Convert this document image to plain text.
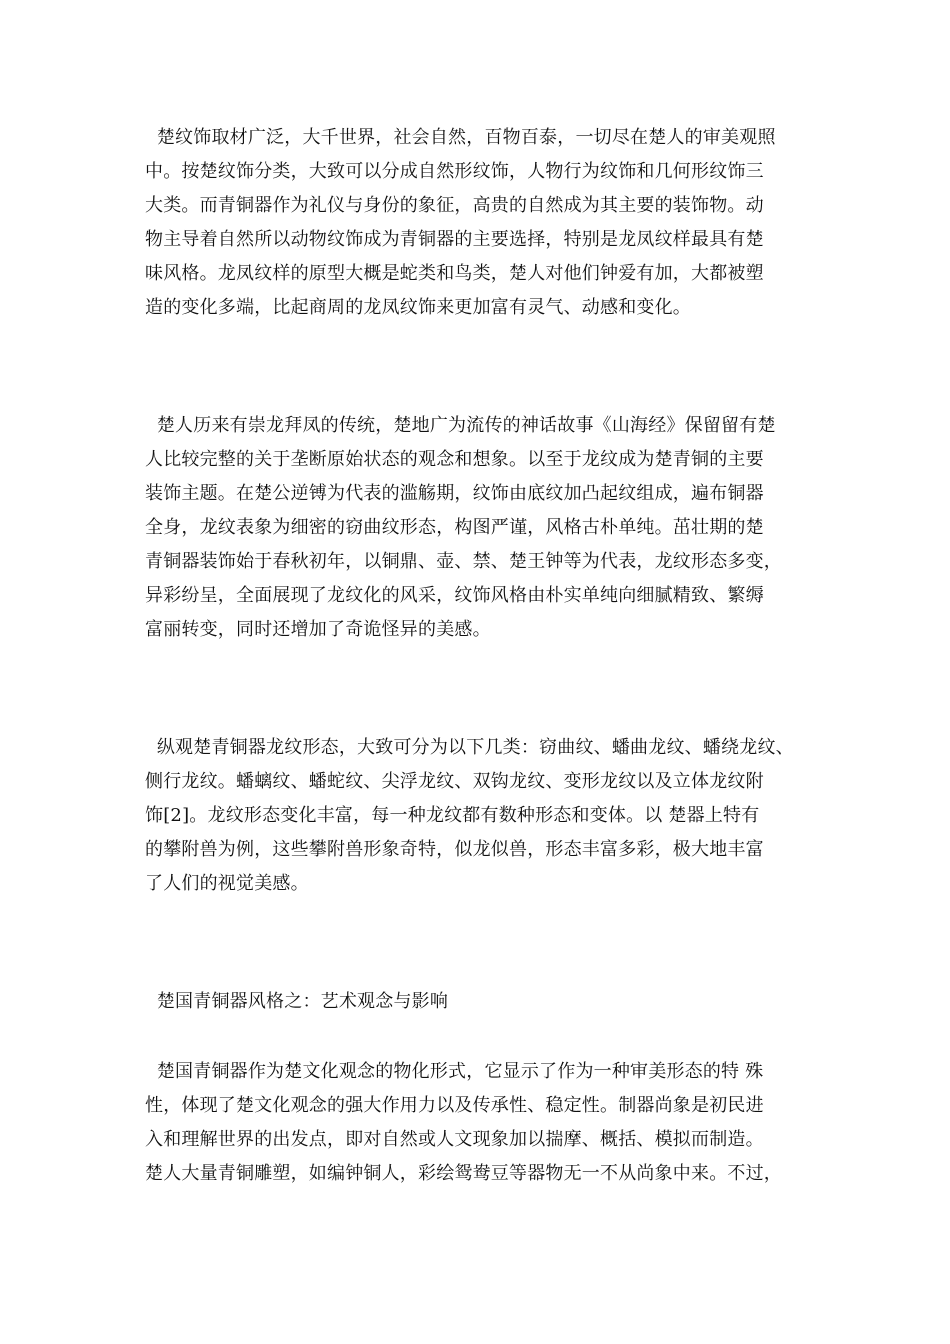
楚纹饰取材广泛，大千世界，社会自然，百物百泰，一切尽在楚人的审美观照
中。按楚纹饰分类，大致可以分成自然形纹饰，人物行为纹饰和几何形纹饰三
大类。而青铜器作为礼仪与身份的象征，高贵的自然成为其主要的装饰物。动
物主导着自然所以动物纹饰成为青铜器的主要选择，特别是龙凤纹样最具有楚
味风格。龙凤纹样的原型大概是蛇类和鸟类，楚人对他们钟爱有加，大都被塑
造的变化多端，比起商周的龙凤纹饰来更加富有灵气、动感和变化。
楚人历来有崇龙拜凤的传统，楚地广为流传的神话故事《山海经》保留留有楚
人比较完整的关于垄断原始状态的观念和想象。以至于龙纹成为楚青铜的主要
装饰主题。在楚公逆镈为代表的滥觞期，纹饰由底纹加凸起纹组成，遍布铜器
全身，龙纹表象为细密的窃曲纹形态，构图严谨，风格古朴单纯。茁壮期的楚
青铜器装饰始于春秋初年，以铜鼎、壶、禁、楚王钟等为代表，龙纹形态多变，
异彩纷呈，全面展现了龙纹化的风采，纹饰风格由朴实单纯向细腻精致、繁缛
富丽转变，同时还增加了奇诡怪异的美感。
纵观楚青铜器龙纹形态，大致可分为以下几类：窃曲纹、蟠曲龙纹、蟠绕龙纹、
侧行龙纹。蟠螭纹、蟠蛇纹、尖浮龙纹、双钩龙纹、变形龙纹以及立体龙纹附
饰[2]。龙纹形态变化丰富，每一种龙纹都有数种形态和变体。以 楚器上特有
的攀附兽为例，这些攀附兽形象奇特，似龙似兽，形态丰富多彩，极大地丰富
了人们的视觉美感。
楚国青铜器风格之：艺术观念与影响
楚国青铜器作为楚文化观念的物化形式，它显示了作为一种审美形态的特 殊
性，体现了楚文化观念的强大作用力以及传承性、稳定性。制器尚象是初民进
入和理解世界的出发点，即对自然或人文现象加以揣摩、概括、模拟而制造。
楚人大量青铜雕塑，如编钟铜人，彩绘鸳鸯豆等器物无一不从尚象中来。不过，
